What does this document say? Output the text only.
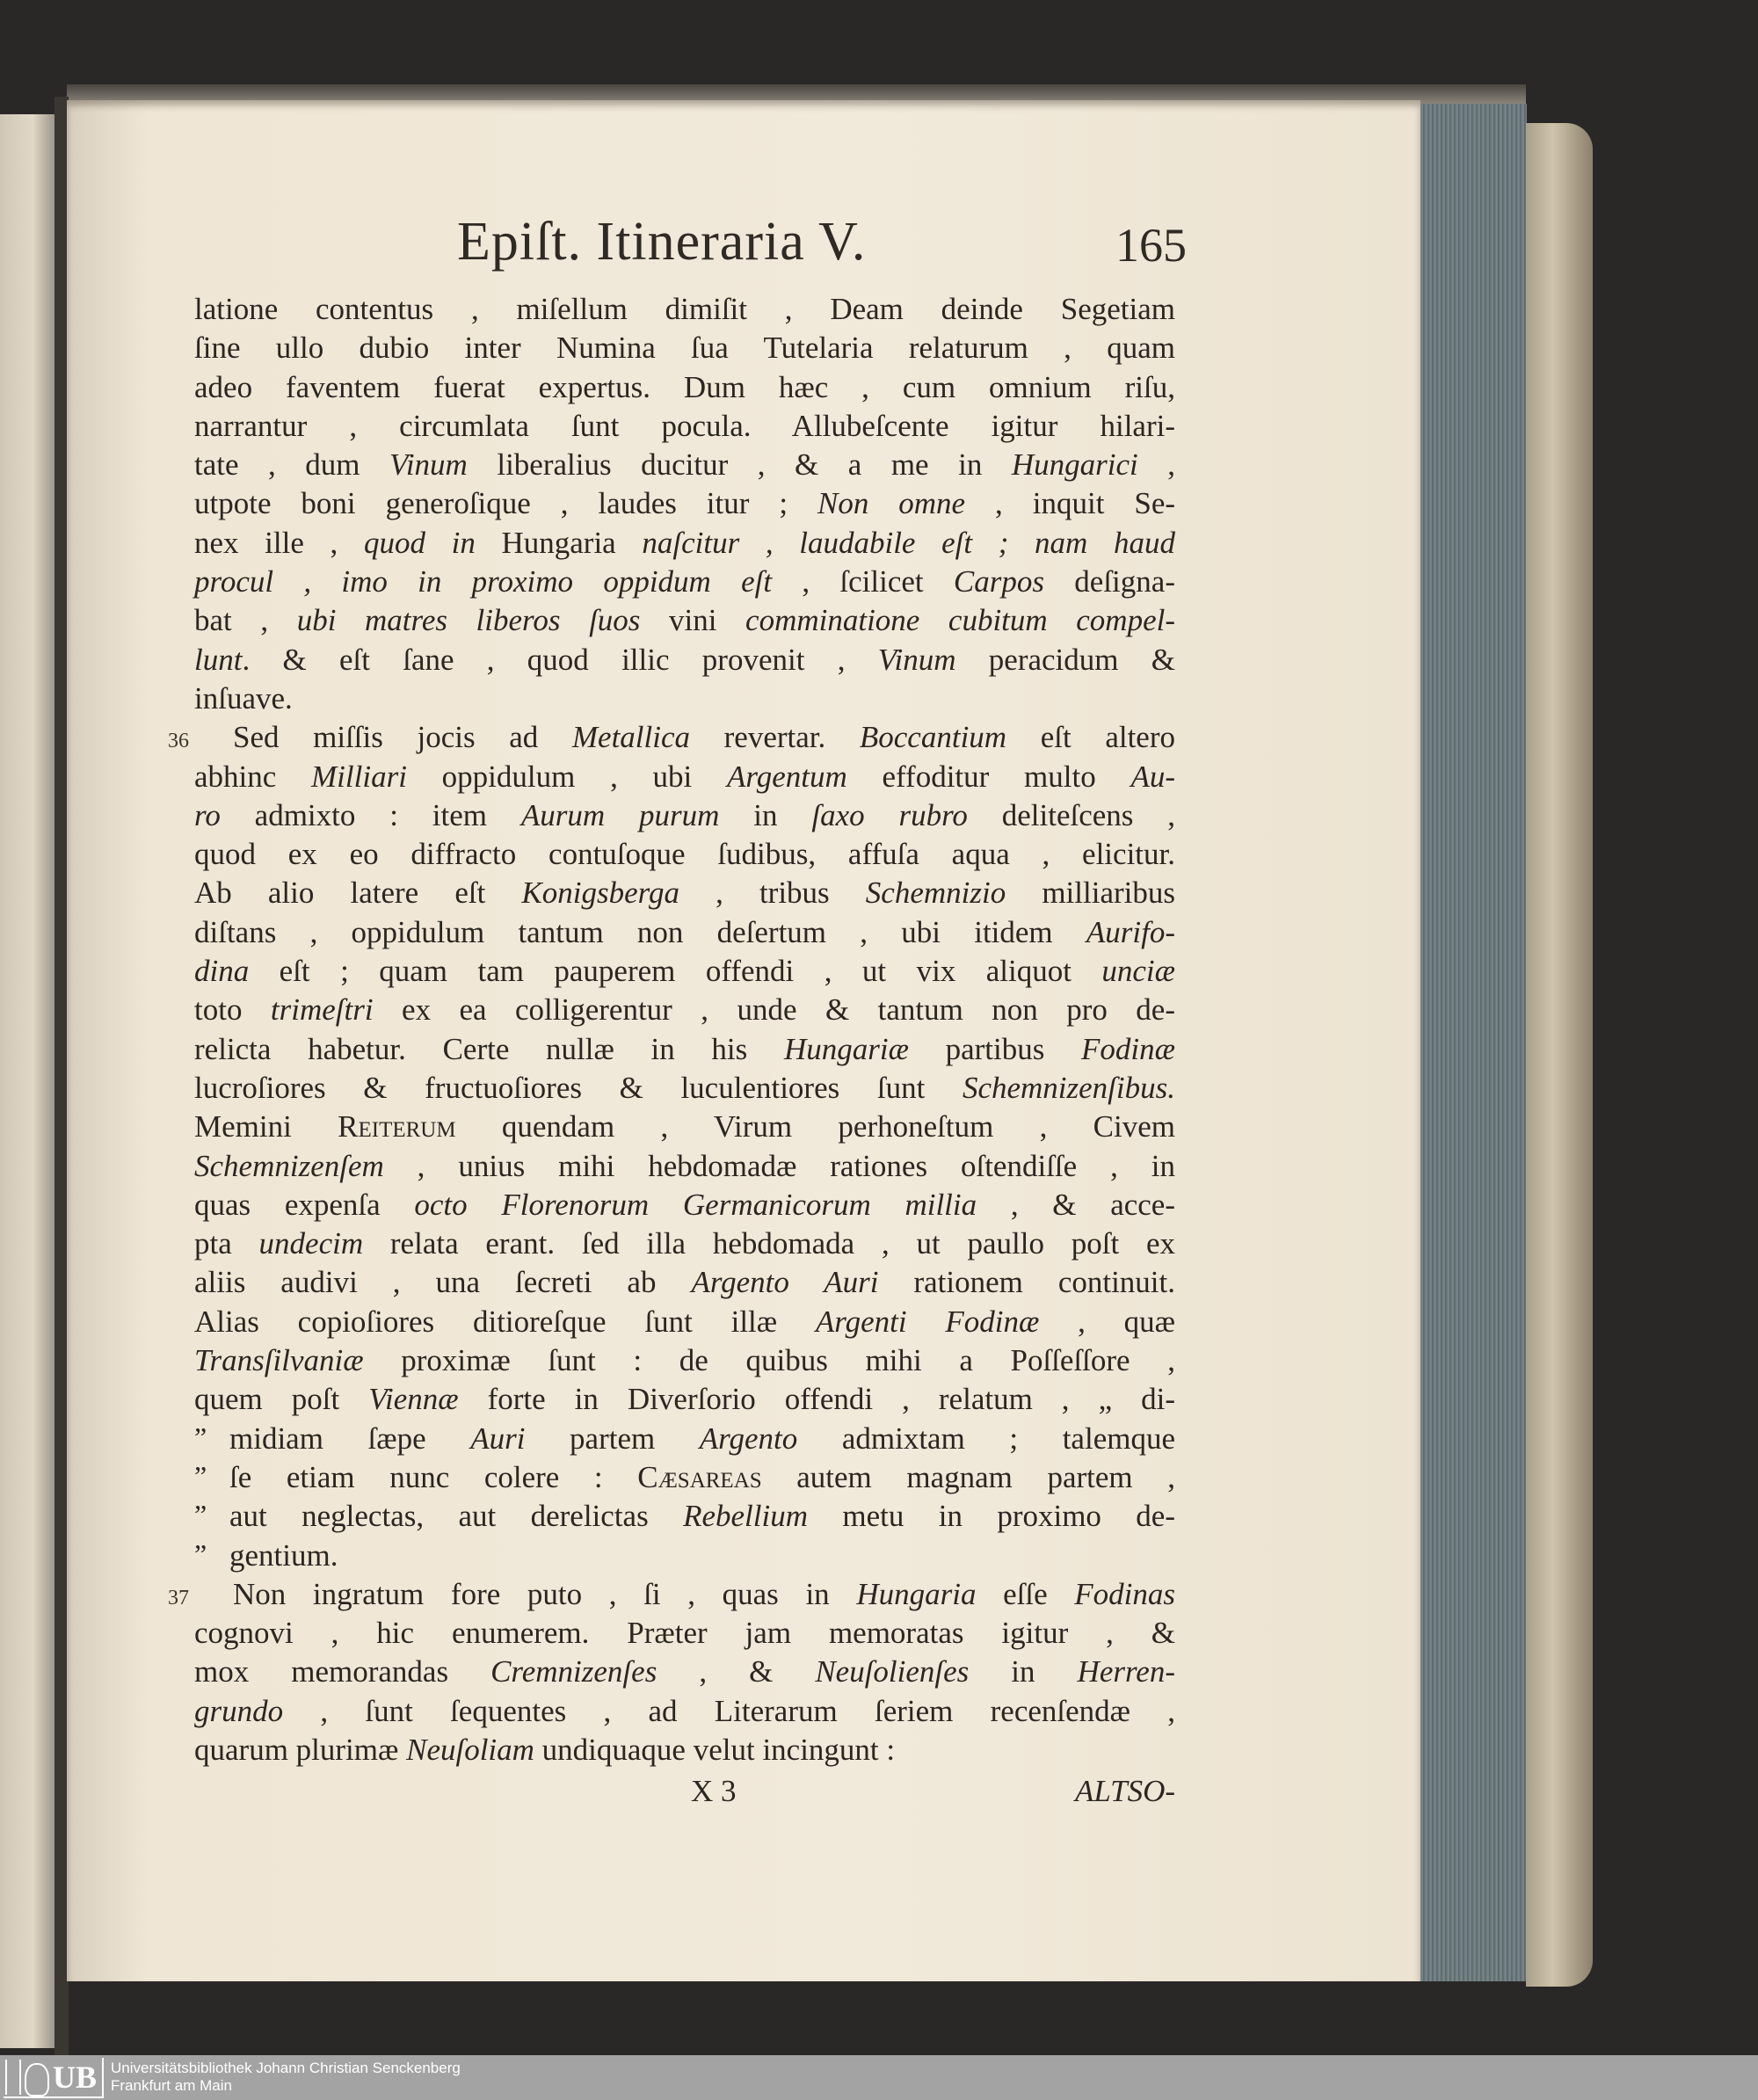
Epiſt. Itineraria V.	165
latione contentus , miſellum dimiſit , Deam deinde Segetiam
ſine ullo dubio inter Numina ſua Tutelaria relaturum , quam
adeo faventem fuerat expertus. Dum hæc , cum omnium riſu,
narrantur , circumlata ſunt pocula. Allubeſcente igitur hilari-
tate , dum Vinum liberalius ducitur , & a me in Hungarici ,
utpote boni generoſique , laudes itur ; Non omne , inquit Se-
nex ille , quod in Hungaria naſcitur , laudabile eſt ; nam haud
procul , imo in proximo oppidum eſt , ſcilicet Carpos deſigna-
bat , ubi matres liberos ſuos vini comminatione cubitum compel-
lunt. & eſt ſane , quod illic provenit , Vinum peracidum &
inſuave.
36	Sed miſſis jocis ad Metallica revertar. Boccantium eſt altero
abhinc Milliari oppidulum , ubi Argentum effoditur multo Au-
ro admixto : item Aurum purum in ſaxo rubro deliteſcens ,
quod ex eo diffracto contuſoque ſudibus, affuſa aqua , elicitur.
Ab alio latere eſt Konigsberga , tribus Schemnizio milliaribus
diſtans , oppidulum tantum non deſertum , ubi itidem Aurifo-
dina eſt ; quam tam pauperem offendi , ut vix aliquot unciæ
toto trimeſtri ex ea colligerentur , unde & tantum non pro de-
relicta habetur. Certe nullæ in his Hungariæ partibus Fodinæ
lucroſiores & fructuoſiores & luculentiores ſunt Schemnizenſibus.
Memini Reiterum quendam , Virum perhoneſtum , Civem
Schemnizenſem , unius mihi hebdomadæ rationes oſtendiſſe , in
quas expenſa octo Florenorum Germanicorum millia , & acce-
pta undecim relata erant. ſed illa hebdomada , ut paullo poſt ex
aliis audivi , una ſecreti ab Argento Auri rationem continuit.
Alias copioſiores ditioreſque ſunt illæ Argenti Fodinæ , quæ
Transſilvaniæ proximæ ſunt : de quibus mihi a Poſſeſſore ,
quem poſt Viennæ forte in Diverſorio offendi , relatum , „ di-
” midiam ſæpe Auri partem Argento admixtam ; talemque
” ſe etiam nunc colere : Cæſareas autem magnam partem ,
” aut neglectas, aut derelictas Rebellium metu in proximo de-
” gentium.
37	Non ingratum fore puto , ſi , quas in Hungaria eſſe Fodinas
cognovi , hic enumerem. Præter jam memoratas igitur , &
mox memorandas Cremnizenſes , & Neuſolienſes in Herren-
grundo , ſunt ſequentes , ad Literarum ſeriem recenſendæ ,
quarum plurimæ Neuſoliam undiquaque velut incingunt :
X 3	ALTSO-
UB Universitätsbibliothek Johann Christian Senckenberg
Frankfurt am Main
